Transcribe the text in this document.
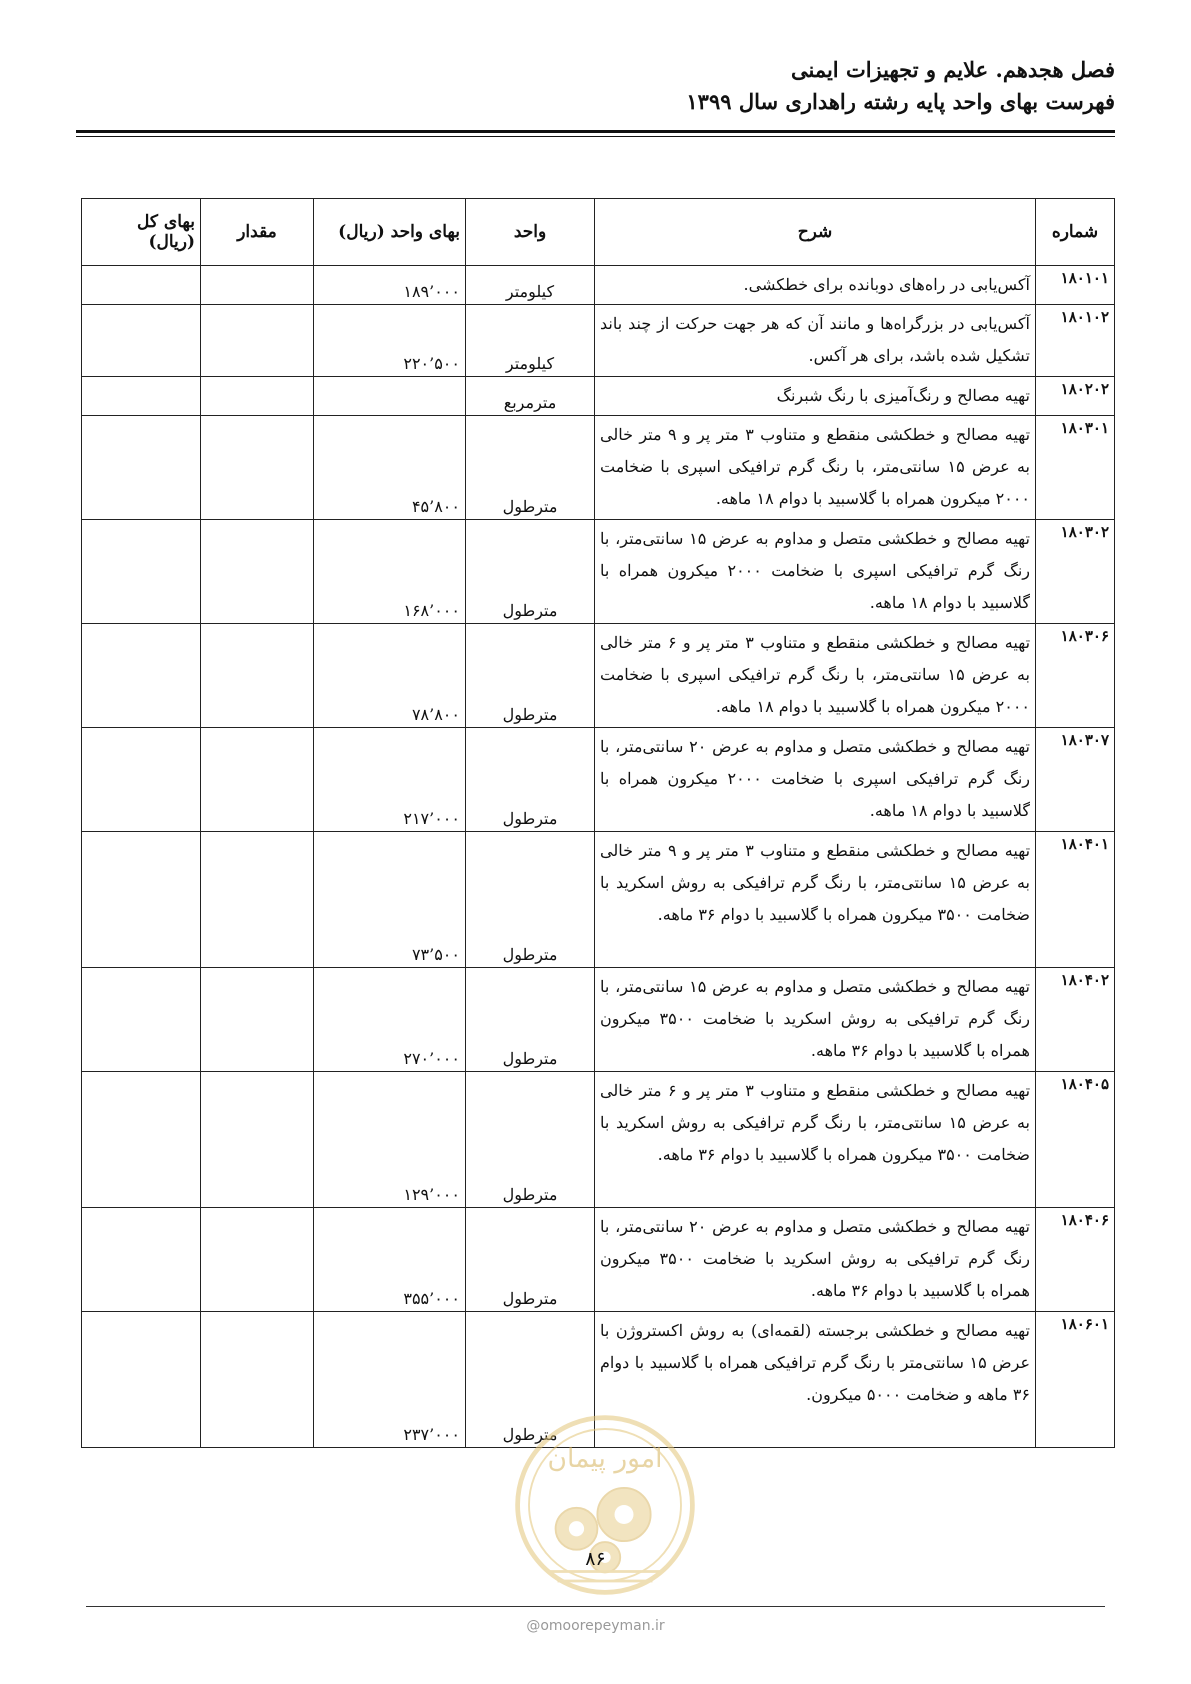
فصل هجدهم. علایم و تجهیزات ایمنی
فهرست بهای واحد پایه رشته راهداری سال ۱۳۹۹
شماره	شرح	واحد	بهای واحد (ریال)	مقدار	بهای کل (ریال)
۱۸۰۱۰۱	آکس‌یابی در راه‌های دوبانده برای خطکشی.	کیلومتر	۱۸۹’۰۰۰		
۱۸۰۱۰۲	آکس‌یابی در بزرگراه‌ها و مانند آن که هر جهت حرکت از چند باند تشکیل شده باشد، برای هر آکس.	کیلومتر	۲۲۰’۵۰۰		
۱۸۰۲۰۲	تهیه مصالح و رنگ‌آمیزی با رنگ شبرنگ	مترمربع			
۱۸۰۳۰۱	تهیه مصالح و خطکشی منقطع و متناوب ۳ متر پر و ۹ متر خالی به عرض ۱۵ سانتی‌متر، با رنگ گرم ترافیکی اسپری با ضخامت ۲۰۰۰ میکرون همراه با گلاسبید با دوام ۱۸ ماهه.	مترطول	۴۵’۸۰۰		
۱۸۰۳۰۲	تهیه مصالح و خطکشی متصل و مداوم به عرض ۱۵ سانتی‌متر، با رنگ گرم ترافیکی اسپری با ضخامت ۲۰۰۰ میکرون همراه با گلاسبید با دوام ۱۸ ماهه.	مترطول	۱۶۸’۰۰۰		
۱۸۰۳۰۶	تهیه مصالح و خطکشی منقطع و متناوب ۳ متر پر و ۶ متر خالی به عرض ۱۵ سانتی‌متر، با رنگ گرم ترافیکی اسپری با ضخامت ۲۰۰۰ میکرون همراه با گلاسبید با دوام ۱۸ ماهه.	مترطول	۷۸’۸۰۰		
۱۸۰۳۰۷	تهیه مصالح و خطکشی متصل و مداوم به عرض ۲۰ سانتی‌متر، با رنگ گرم ترافیکی اسپری با ضخامت ۲۰۰۰ میکرون همراه با گلاسبید با دوام ۱۸ ماهه.	مترطول	۲۱۷’۰۰۰		
۱۸۰۴۰۱	تهیه مصالح و خطکشی منقطع و متناوب ۳ متر پر و ۹ متر خالی به عرض ۱۵ سانتی‌متر، با رنگ گرم ترافیکی به روش اسکرید با ضخامت ۳۵۰۰ میکرون همراه با گلاسبید با دوام ۳۶ ماهه.	مترطول	۷۳’۵۰۰		
۱۸۰۴۰۲	تهیه مصالح و خطکشی متصل و مداوم به عرض ۱۵ سانتی‌متر، با رنگ گرم ترافیکی به روش اسکرید با ضخامت ۳۵۰۰ میکرون همراه با گلاسبید با دوام ۳۶ ماهه.	مترطول	۲۷۰’۰۰۰		
۱۸۰۴۰۵	تهیه مصالح و خطکشی منقطع و متناوب ۳ متر پر و ۶ متر خالی به عرض ۱۵ سانتی‌متر، با رنگ گرم ترافیکی به روش اسکرید با ضخامت ۳۵۰۰ میکرون همراه با گلاسبید با دوام ۳۶ ماهه.	مترطول	۱۲۹’۰۰۰		
۱۸۰۴۰۶	تهیه مصالح و خطکشی متصل و مداوم به عرض ۲۰ سانتی‌متر، با رنگ گرم ترافیکی به روش اسکرید با ضخامت ۳۵۰۰ میکرون همراه با گلاسبید با دوام ۳۶ ماهه.	مترطول	۳۵۵’۰۰۰		
۱۸۰۶۰۱	تهیه مصالح و خطکشی برجسته (لقمه‌ای) به روش اکستروژن با عرض ۱۵ سانتی‌متر با رنگ گرم ترافیکی همراه با گلاسبید با دوام ۳۶ ماهه و ضخامت ۵۰۰۰ میکرون.	مترطول	۲۳۷’۰۰۰		
امور پیمان
۸۶
@omoorepeyman.ir
